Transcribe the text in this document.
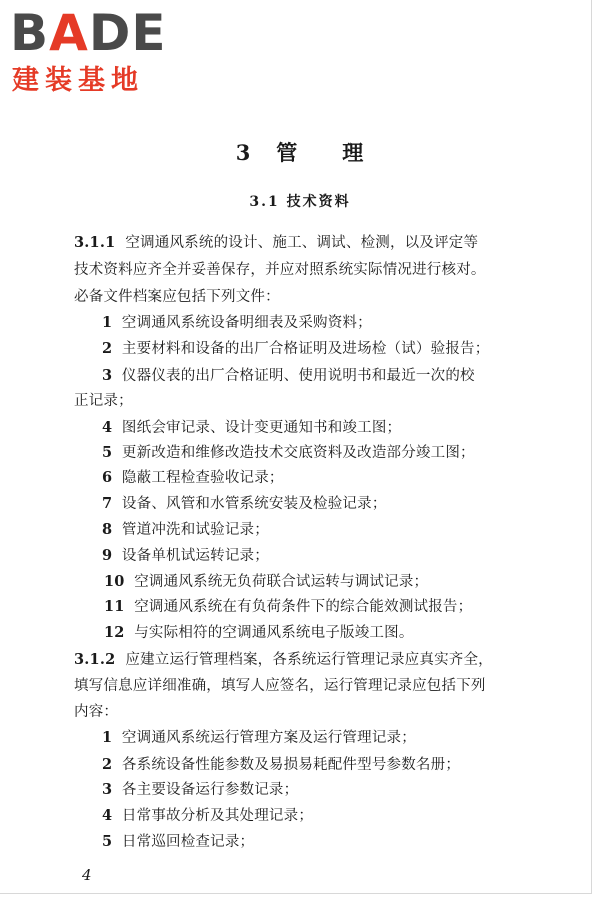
BADE
建装基地
3 管 理
3.1 技术资料
3.1.1 空调通风系统的设计、施工、调试、检测，以及评定等
技术资料应齐全并妥善保存，并应对照系统实际情况进行核对。
必备文件档案应包括下列文件：
1 空调通风系统设备明细表及采购资料；
2 主要材料和设备的出厂合格证明及进场检（试）验报告；
3 仪器仪表的出厂合格证明、使用说明书和最近一次的校
正记录；
4 图纸会审记录、设计变更通知书和竣工图；
5 更新改造和维修改造技术交底资料及改造部分竣工图；
6 隐蔽工程检查验收记录；
7 设备、风管和水管系统安装及检验记录；
8 管道冲洗和试验记录；
9 设备单机试运转记录；
10 空调通风系统无负荷联合试运转与调试记录；
11 空调通风系统在有负荷条件下的综合能效测试报告；
12 与实际相符的空调通风系统电子版竣工图。
3.1.2 应建立运行管理档案，各系统运行管理记录应真实齐全，
填写信息应详细准确，填写人应签名，运行管理记录应包括下列
内容：
1 空调通风系统运行管理方案及运行管理记录；
2 各系统设备性能参数及易损易耗配件型号参数名册；
3 各主要设备运行参数记录；
4 日常事故分析及其处理记录；
5 日常巡回检查记录；
4
